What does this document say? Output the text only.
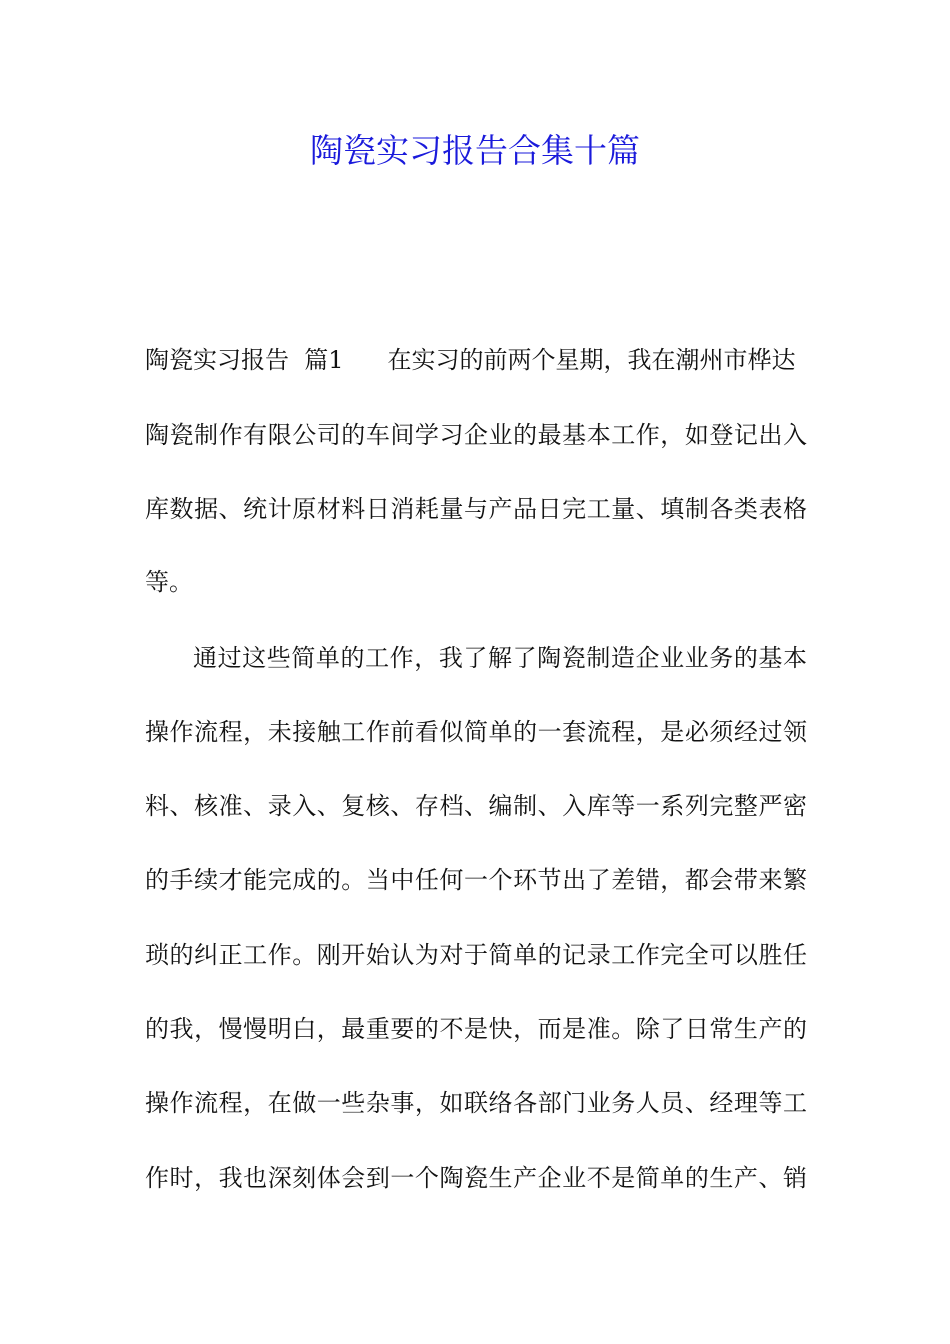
陶瓷实习报告合集十篇
陶瓷实习报告  篇1 在实习的前两个星期，我在潮州市桦达
陶瓷制作有限公司的车间学习企业的最基本工作，如登记出入
库数据、统计原材料日消耗量与产品日完工量、填制各类表格
等。
通过这些简单的工作，我了解了陶瓷制造企业业务的基本
操作流程，未接触工作前看似简单的一套流程，是必须经过领
料、核准、录入、复核、存档、编制、入库等一系列完整严密
的手续才能完成的。当中任何一个环节出了差错，都会带来繁
琐的纠正工作。刚开始认为对于简单的记录工作完全可以胜任
的我，慢慢明白，最重要的不是快，而是准。除了日常生产的
操作流程，在做一些杂事，如联络各部门业务人员、经理等工
作时，我也深刻体会到一个陶瓷生产企业不是简单的生产、销
